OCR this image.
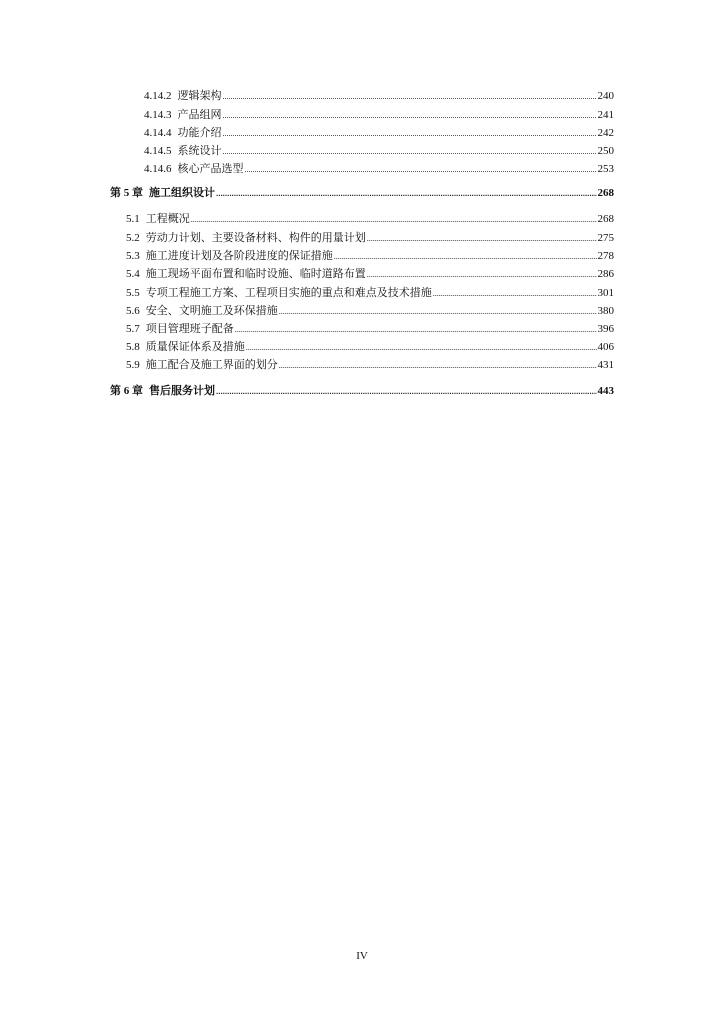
4.14.2 逻辑架构 .....	240
4.14.3 产品组网 .....	241
4.14.4 功能介绍 .....	242
4.14.5 系统设计 .....	250
4.14.6 核心产品选型 .....	253
第 5 章 施工组织设计 .....	268
5.1 工程概况 .....	268
5.2 劳动力计划、主要设备材料、构件的用量计划 .....	275
5.3 施工进度计划及各阶段进度的保证措施 .....	278
5.4 施工现场平面布置和临时设施、临时道路布置 .....	286
5.5 专项工程施工方案、工程项目实施的重点和难点及技术措施 .....	301
5.6 安全、文明施工及环保措施 .....	380
5.7 项目管理班子配备 .....	396
5.8 质量保证体系及措施 .....	406
5.9 施工配合及施工界面的划分 .....	431
第 6 章 售后服务计划 .....	443
IV
